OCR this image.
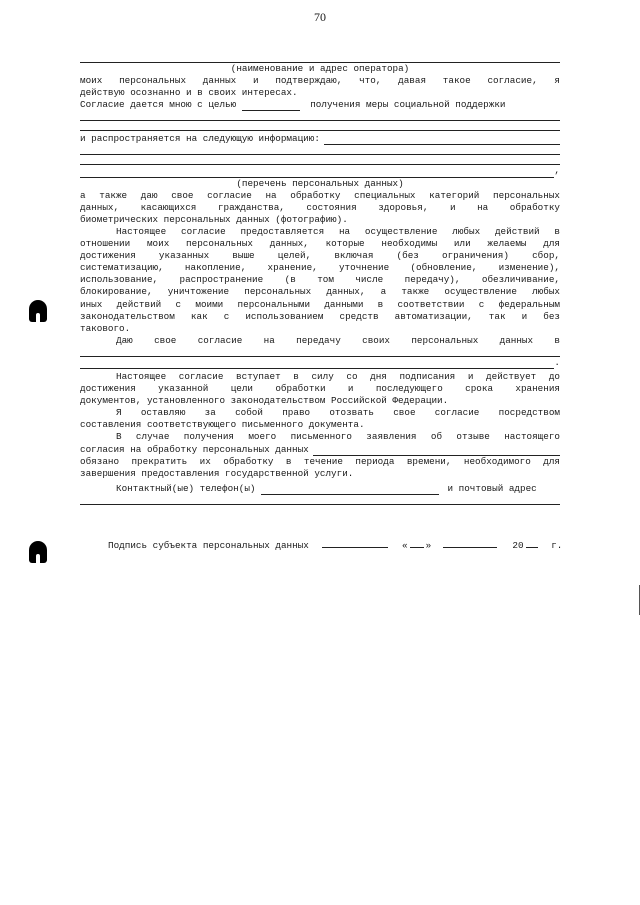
70
(наименование и адрес оператора)
моих персональных данных и подтверждаю, что, давая такое согласие, я
действую осознанно и в своих интересах.
Согласие дается мною с целью	получения меры социальной поддержки
и распространяется на следующую информацию:
,
(перечень персональных данных)
а также даю свое согласие на обработку специальных категорий персональных
данных, касающихся гражданства, состояния здоровья, и на обработку
биометрических персональных данных (фотографию).
Настоящее согласие предоставляется на осуществление любых действий в
отношении моих персональных данных, которые необходимы или желаемы для
достижения указанных выше целей, включая (без ограничения) сбор,
систематизацию, накопление, хранение, уточнение (обновление, изменение),
использование, распространение (в том числе передачу), обезличивание,
блокирование, уничтожение персональных данных, а также осуществление любых
иных действий с моими персональными данными в соответствии с федеральным
законодательством как с использованием средств автоматизации, так и без
такового.
Даю свое согласие на передачу своих персональных данных в
.
Настоящее согласие вступает в силу со дня подписания и действует до
достижения указанной цели обработки и последующего срока хранения
документов, установленного законодательством Российской Федерации.
Я оставляю за собой право отозвать свое согласие посредством
составления соответствующего письменного документа.
В случае получения моего письменного заявления об отзыве настоящего
согласия на обработку персональных данных
обязано прекратить их обработку в течение периода времени, необходимого для
завершения предоставления государственной услуги.
Контактный(ые) телефон(ы)	и почтовый адрес
Подпись субъекта персональных данных	« »	20	г.
